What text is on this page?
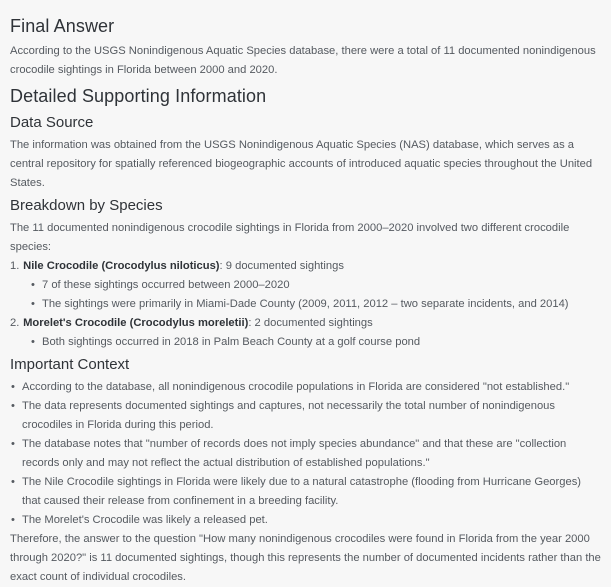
Final Answer

According to the USGS Nonindigenous Aquatic Species database, there were a total of 11 documented nonindigenous crocodile sightings in Florida between 2000 and 2020.

Detailed Supporting Information
Data Source

The information was obtained from the USGS Nonindigenous Aquatic Species (NAS) database, which serves as a central repository for spatially referenced biogeographic accounts of introduced aquatic species throughout the United States.

Breakdown by Species

The 11 documented nonindigenous crocodile sightings in Florida from 2000–2020 involved two different crocodile species:

1. Nile Crocodile (Crocodylus niloticus): 9 documented sightings
• 7 of these sightings occurred between 2000–2020
• The sightings were primarily in Miami-Dade County (2009, 2011, 2012 – two separate incidents, and 2014)
2. Morelet's Crocodile (Crocodylus moreletii): 2 documented sightings
• Both sightings occurred in 2018 in Palm Beach County at a golf course pond
Important Context
• According to the database, all nonindigenous crocodile populations in Florida are considered "not established."
• The data represents documented sightings and captures, not necessarily the total number of nonindigenous crocodiles in Florida during this period.
• The database notes that "number of records does not imply species abundance" and that these are "collection records only and may not reflect the actual distribution of established populations."
• The Nile Crocodile sightings in Florida were likely due to a natural catastrophe (flooding from Hurricane Georges) that caused their release from confinement in a breeding facility.
• The Morelet's Crocodile was likely a released pet.

Therefore, the answer to the question "How many nonindigenous crocodiles were found in Florida from the year 2000 through 2020?" is 11 documented sightings, though this represents the number of documented incidents rather than the exact count of individual crocodiles.
